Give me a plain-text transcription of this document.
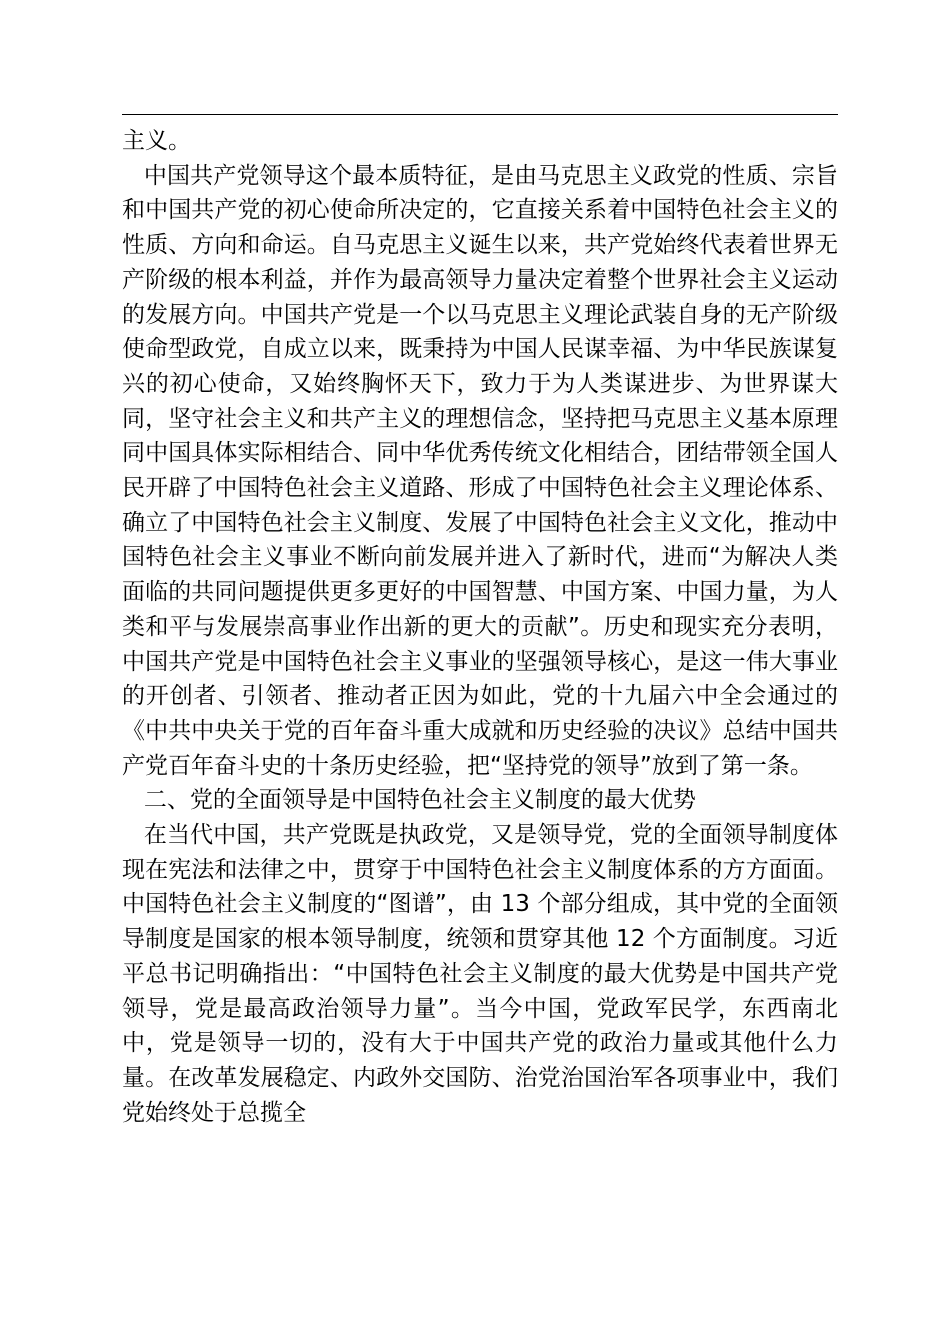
主义。

中国共产党领导这个最本质特征，是由马克思主义政党的性质、宗旨和中国共产党的初心使命所决定的，它直接关系着中国特色社会主义的性质、方向和命运。自马克思主义诞生以来，共产党始终代表着世界无产阶级的根本利益，并作为最高领导力量决定着整个世界社会主义运动的发展方向。中国共产党是一个以马克思主义理论武装自身的无产阶级使命型政党，自成立以来，既秉持为中国人民谋幸福、为中华民族谋复兴的初心使命，又始终胸怀天下，致力于为人类谋进步、为世界谋大同，坚守社会主义和共产主义的理想信念，坚持把马克思主义基本原理同中国具体实际相结合、同中华优秀传统文化相结合，团结带领全国人民开辟了中国特色社会主义道路、形成了中国特色社会主义理论体系、确立了中国特色社会主义制度、发展了中国特色社会主义文化，推动中国特色社会主义事业不断向前发展并进入了新时代，进而“为解决人类面临的共同问题提供更多更好的中国智慧、中国方案、中国力量，为人类和平与发展崇高事业作出新的更大的贡献”。历史和现实充分表明，中国共产党是中国特色社会主义事业的坚强领导核心，是这一伟大事业的开创者、引领者、推动者正因为如此，党的十九届六中全会通过的《中共中央关于党的百年奋斗重大成就和历史经验的决议》总结中国共产党百年奋斗史的十条历史经验，把“坚持党的领导”放到了第一条。

二、党的全面领导是中国特色社会主义制度的最大优势

在当代中国，共产党既是执政党，又是领导党，党的全面领导制度体现在宪法和法律之中，贯穿于中国特色社会主义制度体系的方方面面。中国特色社会主义制度的“图谱”，由 13 个部分组成，其中党的全面领导制度是国家的根本领导制度，统领和贯穿其他 12 个方面制度。习近平总书记明确指出：“中国特色社会主义制度的最大优势是中国共产党领导，党是最高政治领导力量”。当今中国，党政军民学，东西南北中，党是领导一切的，没有大于中国共产党的政治力量或其他什么力量。在改革发展稳定、内政外交国防、治党治国治军各项事业中，我们党始终处于总揽全
